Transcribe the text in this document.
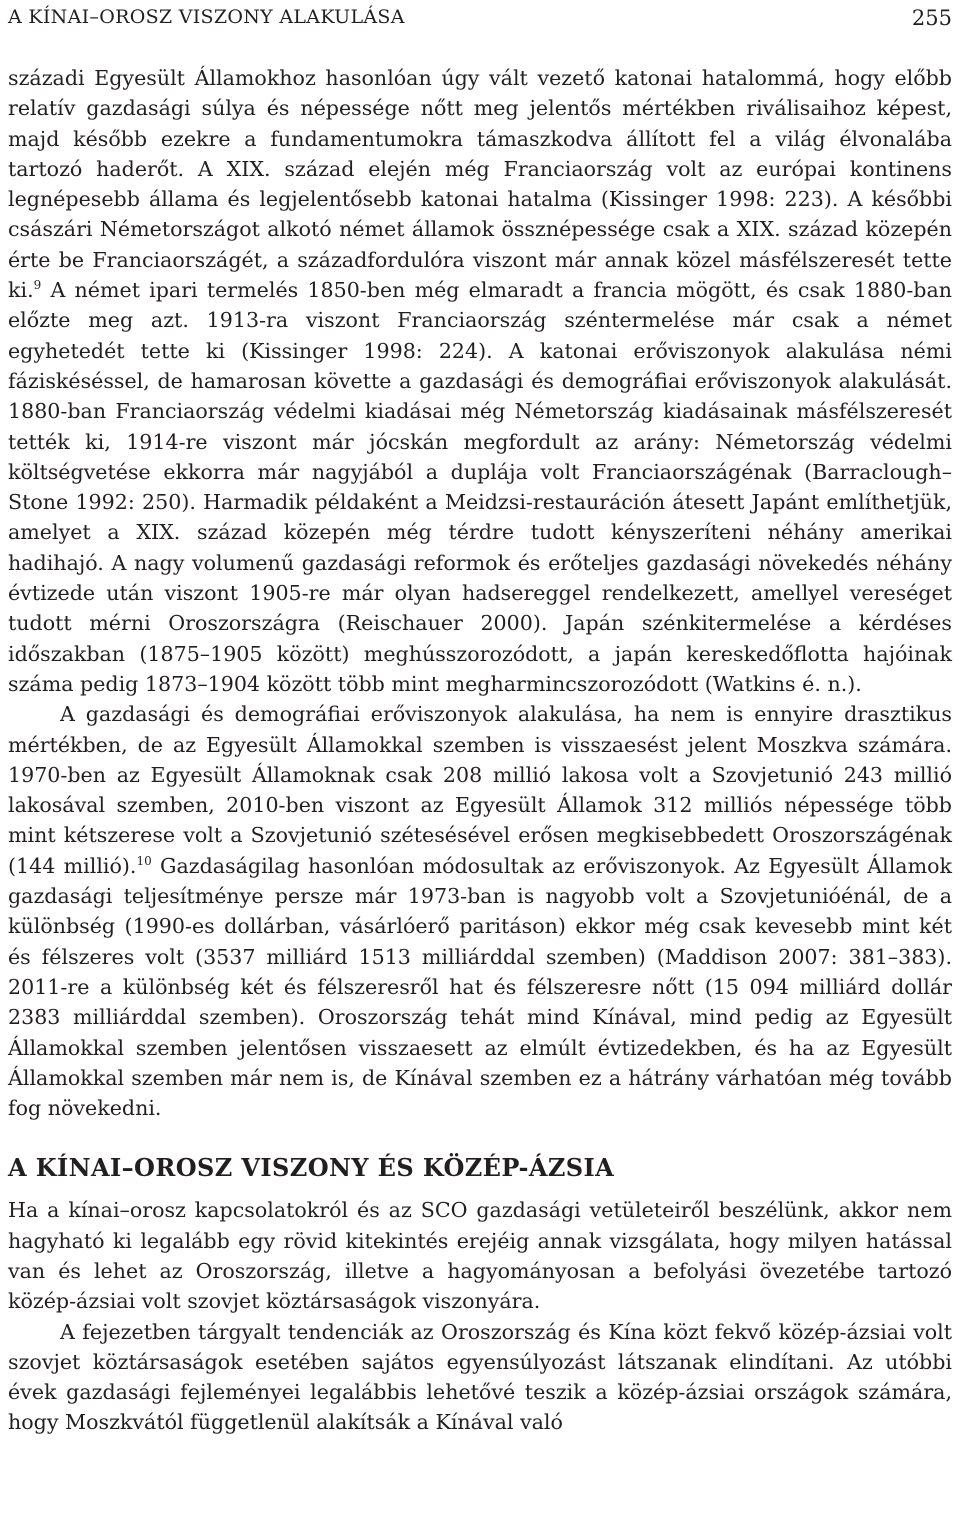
A KÍNAI–OROSZ VISZONY ALAKULÁSA	255

századi Egyesült Államokhoz hasonlóan úgy vált vezető katonai hatalommá, hogy előbb relatív gazdasági súlya és népessége nőtt meg jelentős mértékben riválisaihoz képest, majd később ezekre a fundamentumokra támaszkodva állított fel a világ élvonalába tartozó haderőt. A XIX. század elején még Franciaország volt az európai kontinens legnépesebb állama és legjelentősebb katonai hatalma (Kissinger 1998: 223). A későbbi császári Németországot alkotó német államok össznépessége csak a XIX. század közepén érte be Franciaországét, a századfordulóra viszont már annak közel másfélszeresét tette ki.$^9$ A német ipari termelés 1850-ben még elmaradt a francia mögött, és csak 1880-ban előzte meg azt. 1913-ra viszont Franciaország széntermelése már csak a német egyhetedét tette ki (Kissinger 1998: 224). A katonai erőviszonyok alakulása némi fáziskéséssel, de hamarosan követte a gazdasági és demográfiai erőviszonyok alakulását. 1880-ban Franciaország védelmi kiadásai még Németország kiadásainak másfélszeresét tették ki, 1914-re viszont már jócskán megfordult az arány: Németország védelmi költségvetése ekkorra már nagyjából a duplája volt Franciaországénak (Barraclough–Stone 1992: 250). Harmadik példaként a Meidzsi-restauráción átesett Japánt említhetjük, amelyet a XIX. század közepén még térdre tudott kényszeríteni néhány amerikai hadihajó. A nagy volumenű gazdasági reformok és erőteljes gazdasági növekedés néhány évtizede után viszont 1905-re már olyan hadsereggel rendelkezett, amellyel vereséget tudott mérni Oroszországra (Reischauer 2000). Japán szénkitermelése a kérdéses időszakban (1875–1905 között) meghússzorozódott, a japán kereskedőflotta hajóinak száma pedig 1873–1904 között több mint megharmincszorozódott (Watkins é. n.).

A gazdasági és demográfiai erőviszonyok alakulása, ha nem is ennyire drasztikus mértékben, de az Egyesült Államokkal szemben is visszaesést jelent Moszkva számára. 1970-ben az Egyesült Államoknak csak 208 millió lakosa volt a Szovjetunió 243 millió lakosával szemben, 2010-ben viszont az Egyesült Államok 312 milliós népessége több mint kétszerese volt a Szovjetunió szétesésével erősen megkisebbedett Oroszországénak (144 millió).$^{10}$ Gazdaságilag hasonlóan módosultak az erőviszonyok. Az Egyesült Államok gazdasági teljesítménye persze már 1973-ban is nagyobb volt a Szovjetunióénál, de a különbség (1990-es dollárban, vásárlóerő paritáson) ekkor még csak kevesebb mint két és félszeres volt (3537 milliárd 1513 milliárddal szemben) (Maddison 2007: 381–383). 2011-re a különbség két és félszeresről hat és félszeresre nőtt (15 094 milliárd dollár 2383 milliárddal szemben). Oroszország tehát mind Kínával, mind pedig az Egyesült Államokkal szemben jelentősen visszaesett az elmúlt évtizedekben, és ha az Egyesült Államokkal szemben már nem is, de Kínával szemben ez a hátrány várhatóan még tovább fog növekedni.

A KÍNAI–OROSZ VISZONY ÉS KÖZÉP-ÁZSIA

Ha a kínai–orosz kapcsolatokról és az SCO gazdasági vetületeiről beszélünk, akkor nem hagyható ki legalább egy rövid kitekintés erejéig annak vizsgálata, hogy milyen hatással van és lehet az Oroszország, illetve a hagyományosan a befolyási övezetébe tartozó közép-ázsiai volt szovjet köztársaságok viszonyára.

A fejezetben tárgyalt tendenciák az Oroszország és Kína közt fekvő közép-ázsiai volt szovjet köztársaságok esetében sajátos egyensúlyozást látszanak elindítani. Az utóbbi évek gazdasági fejleményei legalábbis lehetővé teszik a közép-ázsiai országok számára, hogy Moszkvától függetlenül alakítsák a Kínával való
